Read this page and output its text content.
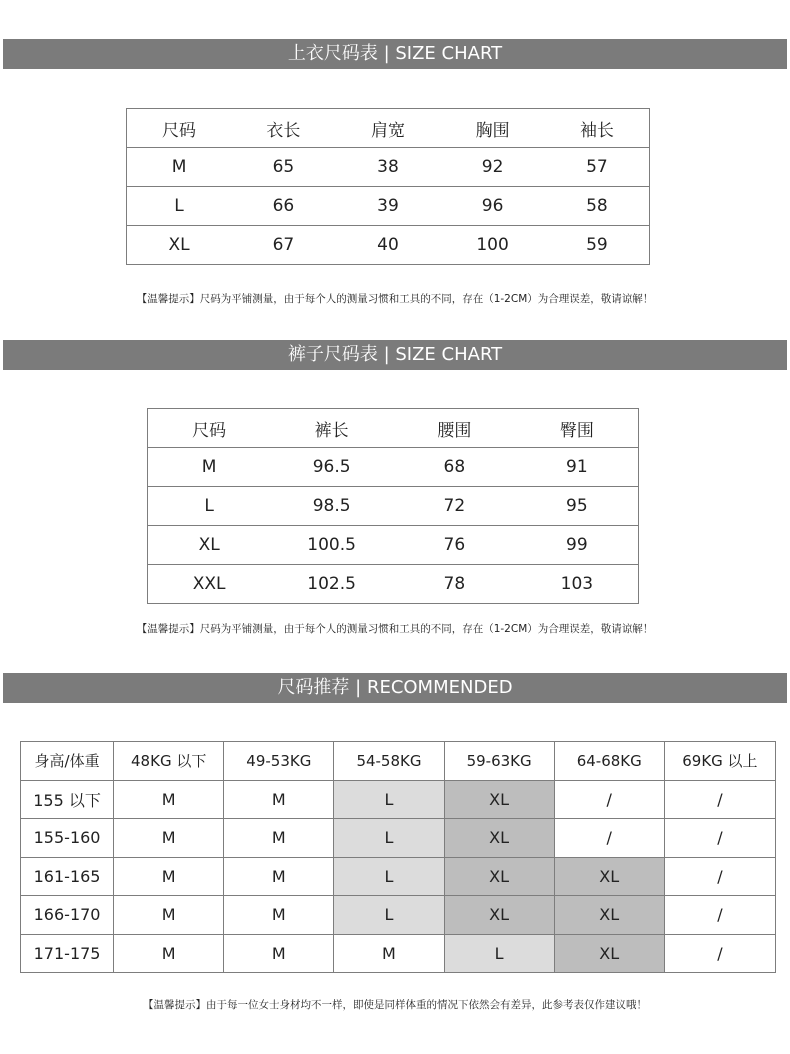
上衣尺码表 | SIZE CHART
尺码	衣长	肩宽	胸围	袖长
M	65	38	92	57
L	66	39	96	58
XL	67	40	100	59
【温馨提示】尺码为平铺测量，由于每个人的测量习惯和工具的不同，存在（1-2CM）为合理误差，敬请谅解！
裤子尺码表 | SIZE CHART
尺码	裤长	腰围	臀围
M	96.5	68	91
L	98.5	72	95
XL	100.5	76	99
XXL	102.5	78	103
【温馨提示】尺码为平铺测量，由于每个人的测量习惯和工具的不同，存在（1-2CM）为合理误差，敬请谅解！
尺码推荐 | RECOMMENDED
身高/体重	48KG 以下	49-53KG	54-58KG	59-63KG	64-68KG	69KG 以上
155 以下	M	M	L	XL	/	/
155-160	M	M	L	XL	/	/
161-165	M	M	L	XL	XL	/
166-170	M	M	L	XL	XL	/
171-175	M	M	M	L	XL	/
【温馨提示】由于每一位女士身材均不一样，即使是同样体重的情况下依然会有差异，此参考表仅作建议哦！
